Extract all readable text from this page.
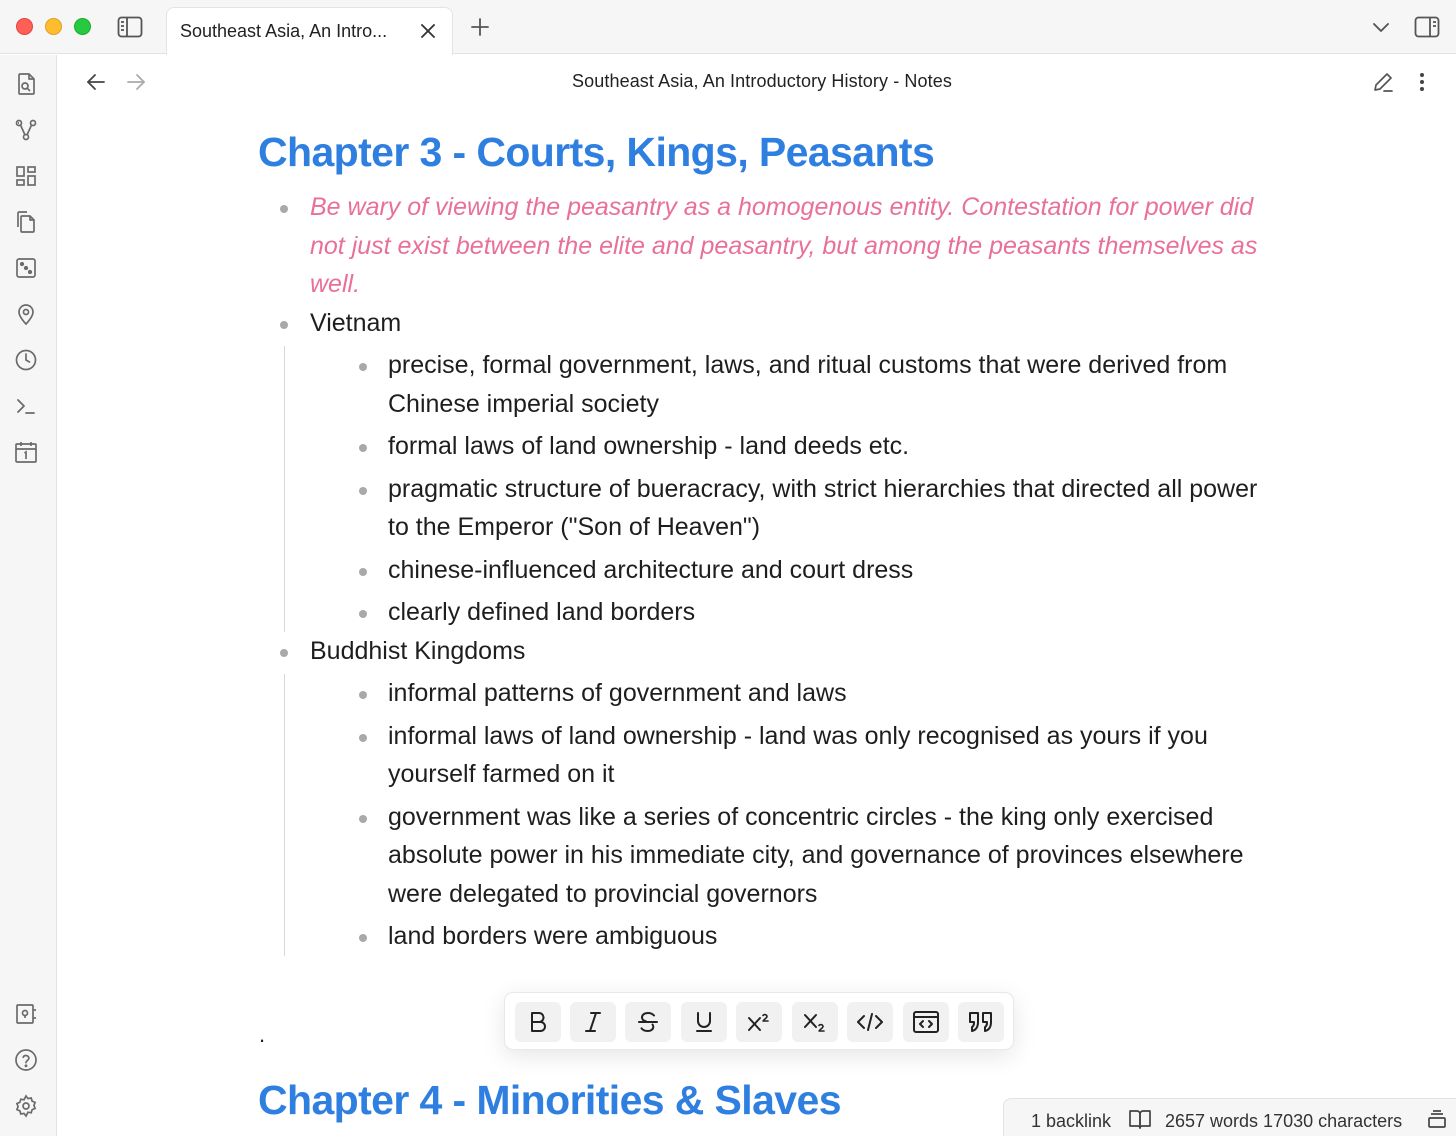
Southeast Asia, An Intro...
Southeast Asia, An Introductory History - Notes
Chapter 3 - Courts, Kings, Peasants
Be wary of viewing the peasantry as a homogenous entity. Contestation for power did not just exist between the elite and peasantry, but among the peasants themselves as well.
Vietnam
precise, formal government, laws, and ritual customs that were derived from Chinese imperial society
formal laws of land ownership - land deeds etc.
pragmatic structure of bueracracy, with strict hierarchies that directed all power to the Emperor ("Son of Heaven")
chinese-influenced architecture and court dress
clearly defined land borders
Buddhist Kingdoms
informal patterns of government and laws
informal laws of land ownership - land was only recognised as yours if you yourself farmed on it
government was like a series of concentric circles - the king only exercised absolute power in his immediate city, and governance of provinces elsewhere were delegated to provincial governors
land borders were ambiguous
.
Chapter 4 - Minorities & Slaves	1 backlink	2657 words 17030 characters
